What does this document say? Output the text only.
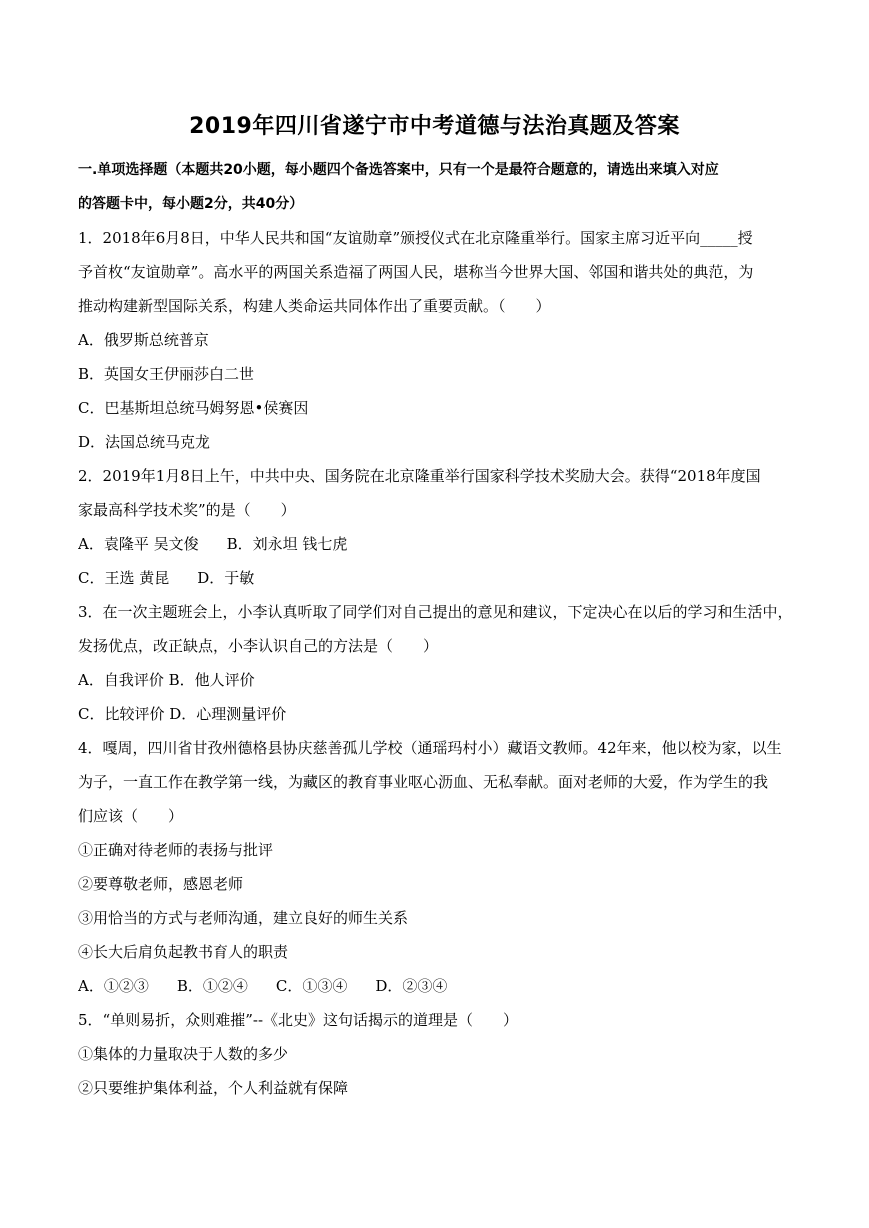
2019年四川省遂宁市中考道德与法治真题及答案
一.单项选择题（本题共20小题，每小题四个备选答案中，只有一个是最符合题意的，请选出来填入对应
的答题卡中，每小题2分，共40分）
1．2018年6月8日，中华人民共和国“友谊勋章”颁授仪式在北京隆重举行。国家主席习近平向_____授
予首枚“友谊勋章”。高水平的两国关系造福了两国人民，堪称当今世界大国、邻国和谐共处的典范，为
推动构建新型国际关系，构建人类命运共同体作出了重要贡献。（　　）
A．俄罗斯总统普京
B．英国女王伊丽莎白二世
C．巴基斯坦总统马姆努恩•侯赛因
D．法国总统马克龙
2．2019年1月8日上午，中共中央、国务院在北京隆重举行国家科学技术奖励大会。获得“2018年度国
家最高科学技术奖”的是（　　）
A．袁隆平 吴文俊 B．刘永坦 钱七虎
C．王选 黄昆 D．于敏
3．在一次主题班会上，小李认真听取了同学们对自己提出的意见和建议，下定决心在以后的学习和生活中，
发扬优点，改正缺点，小李认识自己的方法是（　　）
A．自我评价 B．他人评价
C．比较评价 D．心理测量评价
4．嘎周，四川省甘孜州德格县协庆慈善孤儿学校（通瑶玛村小）藏语文教师。42年来，他以校为家，以生
为子，一直工作在教学第一线，为藏区的教育事业呕心沥血、无私奉献。面对老师的大爱，作为学生的我
们应该（　　）
①正确对待老师的表扬与批评
②要尊敬老师，感恩老师
③用恰当的方式与老师沟通，建立良好的师生关系
④长大后肩负起教书育人的职责
A．①②③ B．①②④ C．①③④ D．②③④
5．“单则易折，众则难摧”--《北史》这句话揭示的道理是（　　）
①集体的力量取决于人数的多少
②只要维护集体利益，个人利益就有保障
